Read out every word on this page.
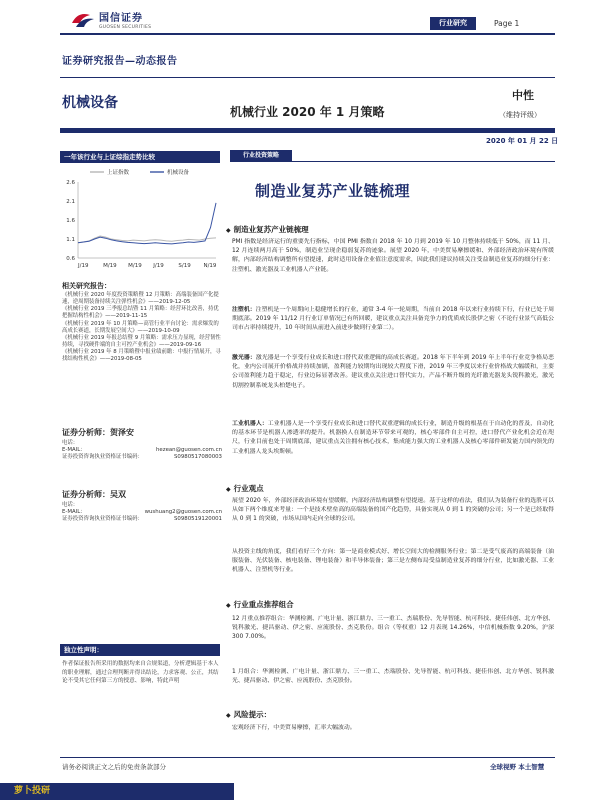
国信证券
GUOSEN SECURITIES
行业研究	Page 1
证券研究报告—动态报告
机械设备
机械行业 2020 年 1 月策略
中性
（维持评级）
2020 年 01 月 22 日
一年该行业与上证综指走势比较
上证指数	机械设备
2.6
2.1
1.6
1.1
0.6
J/19	M/19 M/19 J/19	S/19 N/19
相关研究报告：
《机械行业 2020 年度投资策略暨 12 月策略：高端装备国产化提速，逆周期装备持续关注弹性机会》——2019-12-05
《机械行业 2019 三季报总结暨 11 月策略：经营环比改善，持优把握结构性机会》——2019-11-15
《机械行业 2019 年 10 月策略—高管行业平台讨论：需求爆发的高成长赛道，长期发展空间大》——2019-10-09
《机械行业 2019 年报总结暨 9 月策略：需求压力显现，经营韧性持续，寻找硬件端的自主可控产业机会》——2019-09-16
《机械行业 2019 年 8 月策略暨中报业绩前瞻：中报行情展开，寻找结构性机会》——2019-08-05
证券分析师：贺泽安
电话：
E-MAIL：	hezean@guosen.com.cn
证券投资咨询执业资格证书编码：	S0980517080003
证券分析师：吴双
电话：
E-MAIL：	wushuang2@guosen.com.cn
证券投资咨询执业资格证书编码：	S0980519120001
独立性声明：
作者保证报告所采用的数据均来自合规渠道，分析逻辑基于本人的职业理解，通过合理判断并得出结论，力求客观、公正，其结论不受其它任何第三方的授意、影响，特此声明
行业投资策略
制造业复苏产业链梳理
◆ 制造业复苏产业链梳理
PMI 指数是经济运行的重要先行指标，中国 PMI 指数自 2018 年 10 月到 2019 年 10 月整体持续低于 50%，而 11 月、12 月连续两月高于 50%，制造业呈现企稳弱复苏的迹象。展望 2020 年，中美贸易摩擦缓和、外部经济政治环境有所缓解，内部经济结构调整所有望提速，此时适用设备企业值注意度需求，因此我们建议持续关注受益制造业复苏的细分行业：注塑机、激光器及工业机器人产业链。
注塑机：注塑机是一个周期向上稳健增长的行业，通常 3-4 年一轮周期，当前自 2018 年以来行业持续下行，行业已处于周期底部。2019 年 11/12 月行业订单情况已有所回暖，建议重点关注具备竞争力的优质成长股伊之密（不论行业景气高低公司市占率持续提升，10 年时间从前进入前进步做到行业第二）。
激光器：激光器是一个享受行业成长和进口替代双重逻辑的高成长赛道。2018 年下半年到 2019 年上半年行业竞争格局恶化，业内公司展开价格战并持续加剧，盈利能力较期均出现较大程度下滑，2019 年三季度以来行业价格战大幅缓和，主要公司盈利能力趋于稳定，行业边际显著改善。建议重点关注进口替代实力，产品不断升级的光纤激光器龙头锐科激光，激光切割控制系统龙头柏楚电子。
工业机器人：工业机器人是一个享受行业成长和进口替代双重逻辑的成长行业，制造升级的根基在于自动化的普及，自动化的基本环节是机器人渗透率的提升。机器换人在制造环节带来可观的，核心零部件自主可控，进口替代产业化机会近在咫尺，行业目前也处于周期底部，建议重点关注拥有核心技术，集成能力强大的工业机器人及核心零部件研发能力国内领先的工业机器人龙头埃斯顿。
◆ 行业观点
展望 2020 年，外部经济政治环境有望缓解，内部经济结构调整有望提速。基于这样的看法，我们认为装备行业的选股可以从如下两个维度来考量：一个是技术壁垒高的高端装备的国产化趋势，具备实现从 0 到 1 的突破的公司；另一个是已经取得从 0 到 1 的突破，市场从国内走向全球的公司。
从投资主线的角度，我们看好三个方向：第一是商业模式好、增长空间大的检测服务行业；第二是受气废高的高端装备（油服装备、光伏装备、核电装备、锂电装备）和半导体装备；第三是左侧布局受益制造业复苏的细分行业，比如激光器、工业机器人、注塑机等行业。
◆ 行业重点推荐组合
12 月重点推荐组合：华测检测、广电计量、浙江鼎力、三一重工、杰瑞股份、先导智能、杭可科技、捷佳伟创、北方华创、锐科激光、捷昌驱动、伊之密、应流股份、杰克股份。组合（等权重）12 月表现 14.26%，中信机械指数 9.20%，沪深 300 7.00%。
1 月组合：华测检测、广电计量、浙江鼎力、三一重工、杰瑞股份、先导智能、杭可科技、捷佳伟创、北方华创、锐科激光、捷昌驱动、伊之密、应流股份、杰克股份。
◆ 风险提示：
宏观经济下行，中美贸易摩擦，汇率大幅波动。
请务必阅读正文之后的免责条款部分	全球视野 本土智慧
萝卜投研
